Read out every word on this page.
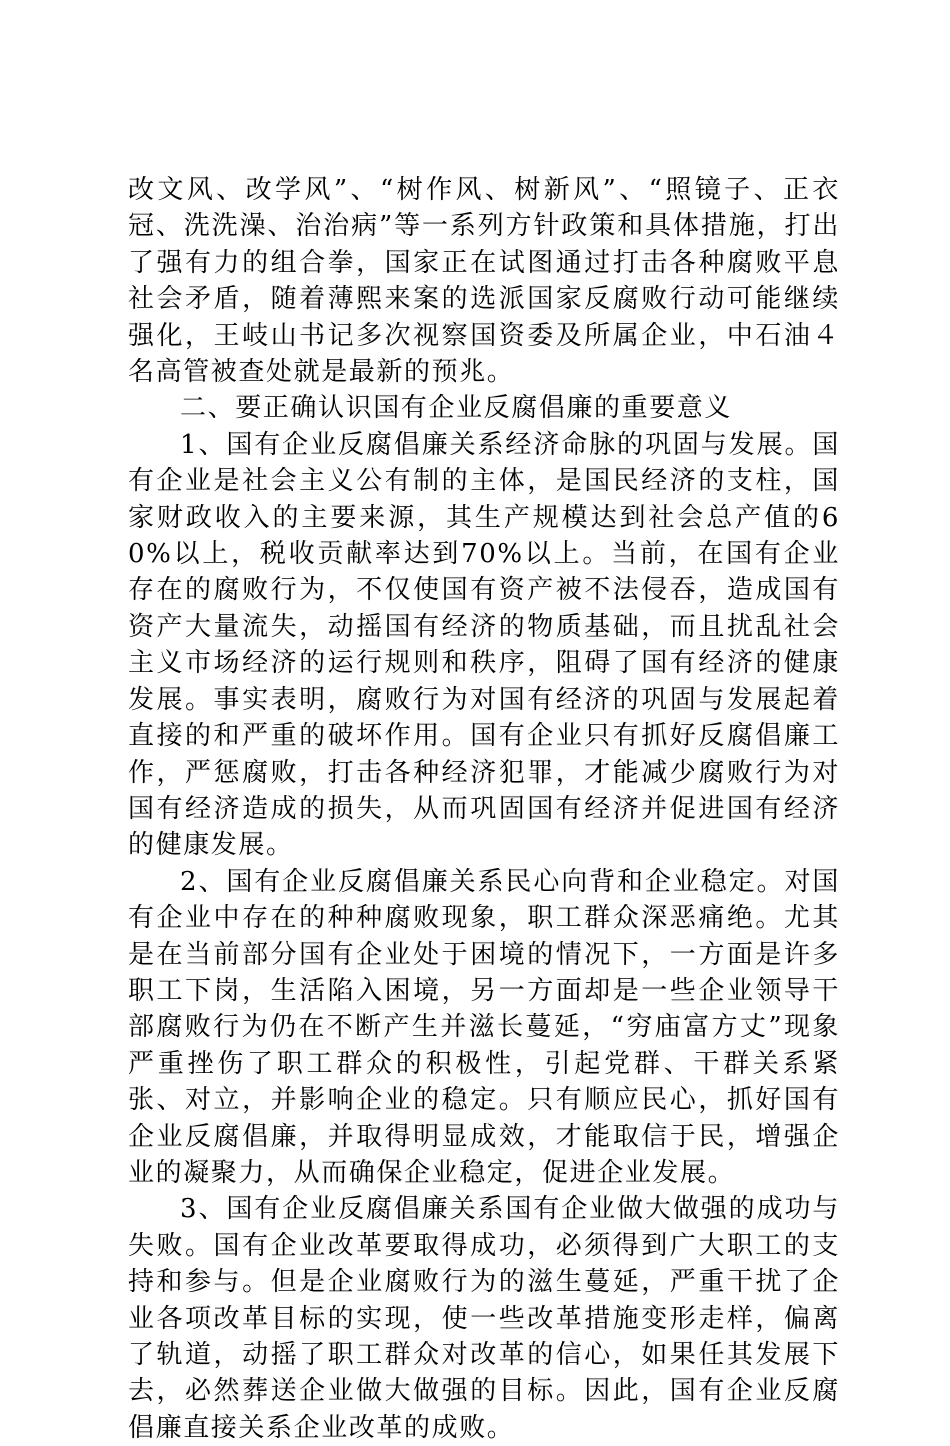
改文风、改学风”、“树作风、树新风”、“照镜子、正衣冠、洗洗澡、治治病”等一系列方针政策和具体措施，打出了强有力的组合拳，国家正在试图通过打击各种腐败平息社会矛盾，随着薄熙来案的选派国家反腐败行动可能继续强化，王岐山书记多次视察国资委及所属企业，中石油４名高管被查处就是最新的预兆。

二、要正确认识国有企业反腐倡廉的重要意义

1、国有企业反腐倡廉关系经济命脉的巩固与发展。国有企业是社会主义公有制的主体，是国民经济的支柱，国家财政收入的主要来源，其生产规模达到社会总产值的60%以上，税收贡献率达到70%以上。当前，在国有企业存在的腐败行为，不仅使国有资产被不法侵吞，造成国有资产大量流失，动摇国有经济的物质基础，而且扰乱社会主义市场经济的运行规则和秩序，阻碍了国有经济的健康发展。事实表明，腐败行为对国有经济的巩固与发展起着直接的和严重的破坏作用。国有企业只有抓好反腐倡廉工作，严惩腐败，打击各种经济犯罪，才能减少腐败行为对国有经济造成的损失，从而巩固国有经济并促进国有经济的健康发展。

2、国有企业反腐倡廉关系民心向背和企业稳定。对国有企业中存在的种种腐败现象，职工群众深恶痛绝。尤其是在当前部分国有企业处于困境的情况下，一方面是许多职工下岗，生活陷入困境，另一方面却是一些企业领导干部腐败行为仍在不断产生并滋长蔓延，“穷庙富方丈”现象严重挫伤了职工群众的积极性，引起党群、干群关系紧张、对立，并影响企业的稳定。只有顺应民心，抓好国有企业反腐倡廉，并取得明显成效，才能取信于民，增强企业的凝聚力，从而确保企业稳定，促进企业发展。

3、国有企业反腐倡廉关系国有企业做大做强的成功与失败。国有企业改革要取得成功，必须得到广大职工的支持和参与。但是企业腐败行为的滋生蔓延，严重干扰了企业各项改革目标的实现，使一些改革措施变形走样，偏离了轨道，动摇了职工群众对改革的信心，如果任其发展下去，必然葬送企业做大做强的目标。因此，国有企业反腐倡廉直接关系企业改革的成败。
